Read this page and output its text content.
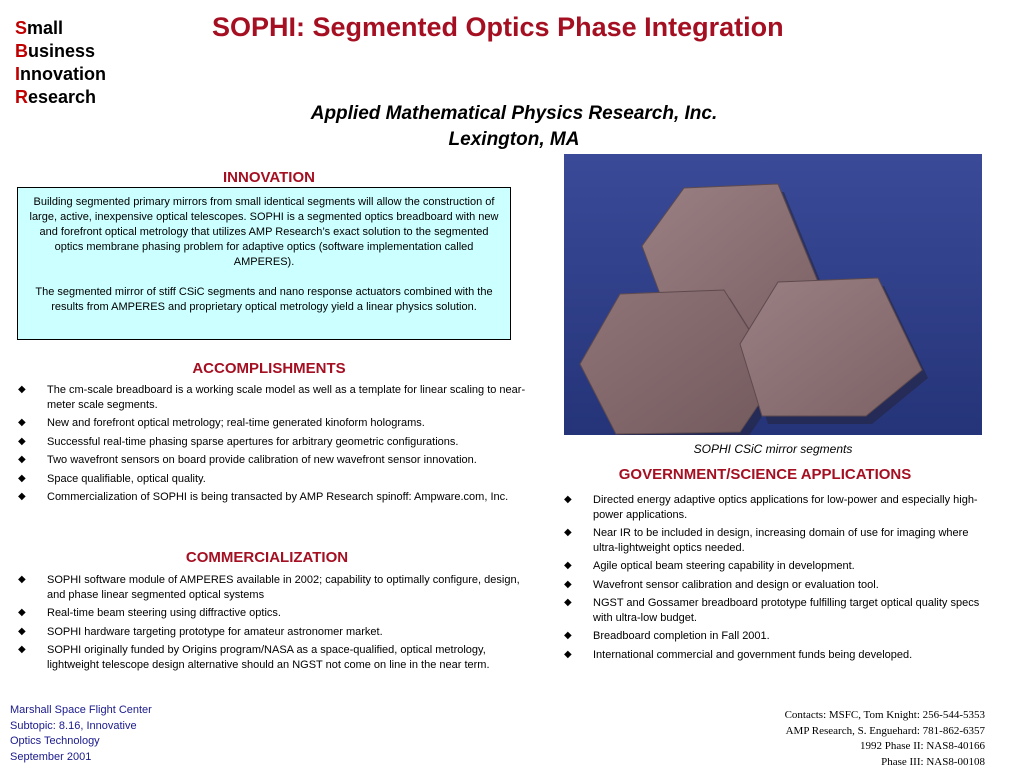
Small
Business
Innovation
Research
SOPHI: Segmented Optics Phase Integration
Applied Mathematical Physics Research, Inc.
Lexington, MA
INNOVATION

Building segmented primary mirrors from small identical segments will allow the construction of large, active, inexpensive optical telescopes. SOPHI is a segmented optics breadboard with new and forefront optical metrology that utilizes AMP Research’s exact solution to the segmented optics membrane phasing problem for adaptive optics (software implementation called AMPERES).

The segmented mirror of stiff CSiC segments and nano response actuators combined with the results from AMPERES and proprietary optical metrology yield a linear physics solution.

ACCOMPLISHMENTS
◆ The cm-scale breadboard is a working scale model as well as a template for linear scaling to near-meter scale segments.
◆ New and forefront optical metrology; real-time generated kinoform holograms.
◆ Successful real-time phasing sparse apertures for arbitrary geometric configurations.
◆ Two wavefront sensors on board provide calibration of new wavefront sensor innovation.
◆ Space qualifiable, optical quality.
◆ Commercialization of SOPHI is being transacted by AMP Research spinoff: Ampware.com, Inc.
COMMERCIALIZATION
◆ SOPHI software module of AMPERES available in 2002; capability to optimally configure, design, and phase linear segmented optical systems
◆ Real-time beam steering using diffractive optics.
◆ SOPHI hardware targeting prototype for amateur astronomer market.
◆ SOPHI originally funded by Origins program/NASA as a space-qualified, optical metrology, lightweight telescope design alternative should an NGST not come on line in the near term.
SOPHI CSiC mirror segments
GOVERNMENT/SCIENCE APPLICATIONS
◆ Directed energy adaptive optics applications for low-power and especially high-power applications.
◆ Near IR to be included in design, increasing domain of use for imaging where ultra-lightweight optics needed.
◆ Agile optical beam steering capability in development.
◆ Wavefront sensor calibration and design or evaluation tool.
◆ NGST and Gossamer breadboard prototype fulfilling target optical quality specs with ultra-low budget.
◆ Breadboard completion in Fall 2001.
◆ International commercial and government funds being developed.
Marshall Space Flight Center
Subtopic: 8.16, Innovative
Optics Technology
September 2001
Contacts: MSFC, Tom Knight: 256-544-5353
AMP Research, S. Enguehard: 781-862-6357
1992 Phase II: NAS8-40166
Phase III: NAS8-00108
